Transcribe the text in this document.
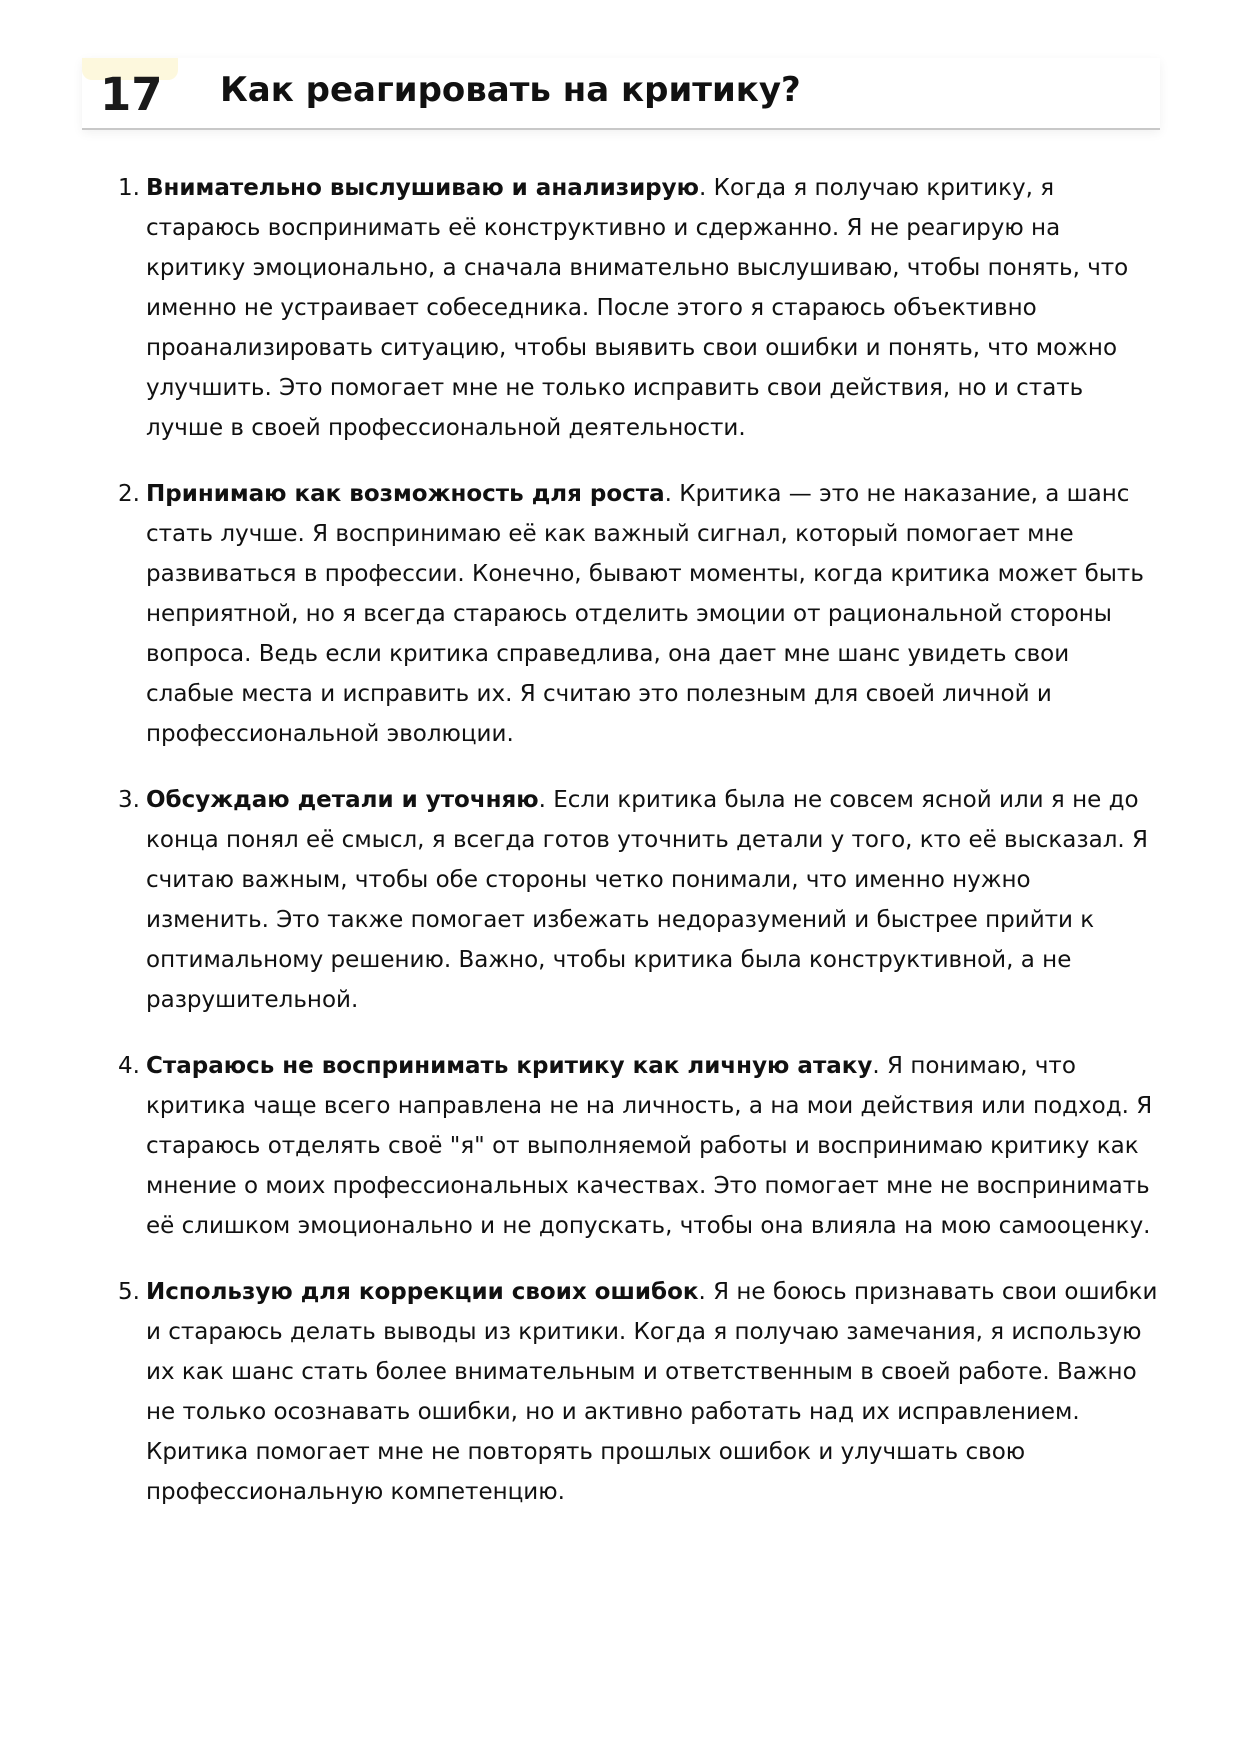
17 Как реагировать на критику?
1. Внимательно выслушиваю и анализирую. Когда я получаю критику, я стараюсь воспринимать её конструктивно и сдержанно. Я не реагирую на критику эмоционально, а сначала внимательно выслушиваю, чтобы понять, что именно не устраивает собеседника. После этого я стараюсь объективно проанализировать ситуацию, чтобы выявить свои ошибки и понять, что можно улучшить. Это помогает мне не только исправить свои действия, но и стать лучше в своей профессиональной деятельности.
2. Принимаю как возможность для роста. Критика — это не наказание, а шанс стать лучше. Я воспринимаю её как важный сигнал, который помогает мне развиваться в профессии. Конечно, бывают моменты, когда критика может быть неприятной, но я всегда стараюсь отделить эмоции от рациональной стороны вопроса. Ведь если критика справедлива, она дает мне шанс увидеть свои слабые места и исправить их. Я считаю это полезным для своей личной и профессиональной эволюции.
3. Обсуждаю детали и уточняю. Если критика была не совсем ясной или я не до конца понял её смысл, я всегда готов уточнить детали у того, кто её высказал. Я считаю важным, чтобы обе стороны четко понимали, что именно нужно изменить. Это также помогает избежать недоразумений и быстрее прийти к оптимальному решению. Важно, чтобы критика была конструктивной, а не разрушительной.
4. Стараюсь не воспринимать критику как личную атаку. Я понимаю, что критика чаще всего направлена не на личность, а на мои действия или подход. Я стараюсь отделять своё "я" от выполняемой работы и воспринимаю критику как мнение о моих профессиональных качествах. Это помогает мне не воспринимать её слишком эмоционально и не допускать, чтобы она влияла на мою самооценку.
5. Использую для коррекции своих ошибок. Я не боюсь признавать свои ошибки и стараюсь делать выводы из критики. Когда я получаю замечания, я использую их как шанс стать более внимательным и ответственным в своей работе. Важно не только осознавать ошибки, но и активно работать над их исправлением. Критика помогает мне не повторять прошлых ошибок и улучшать свою профессиональную компетенцию.
